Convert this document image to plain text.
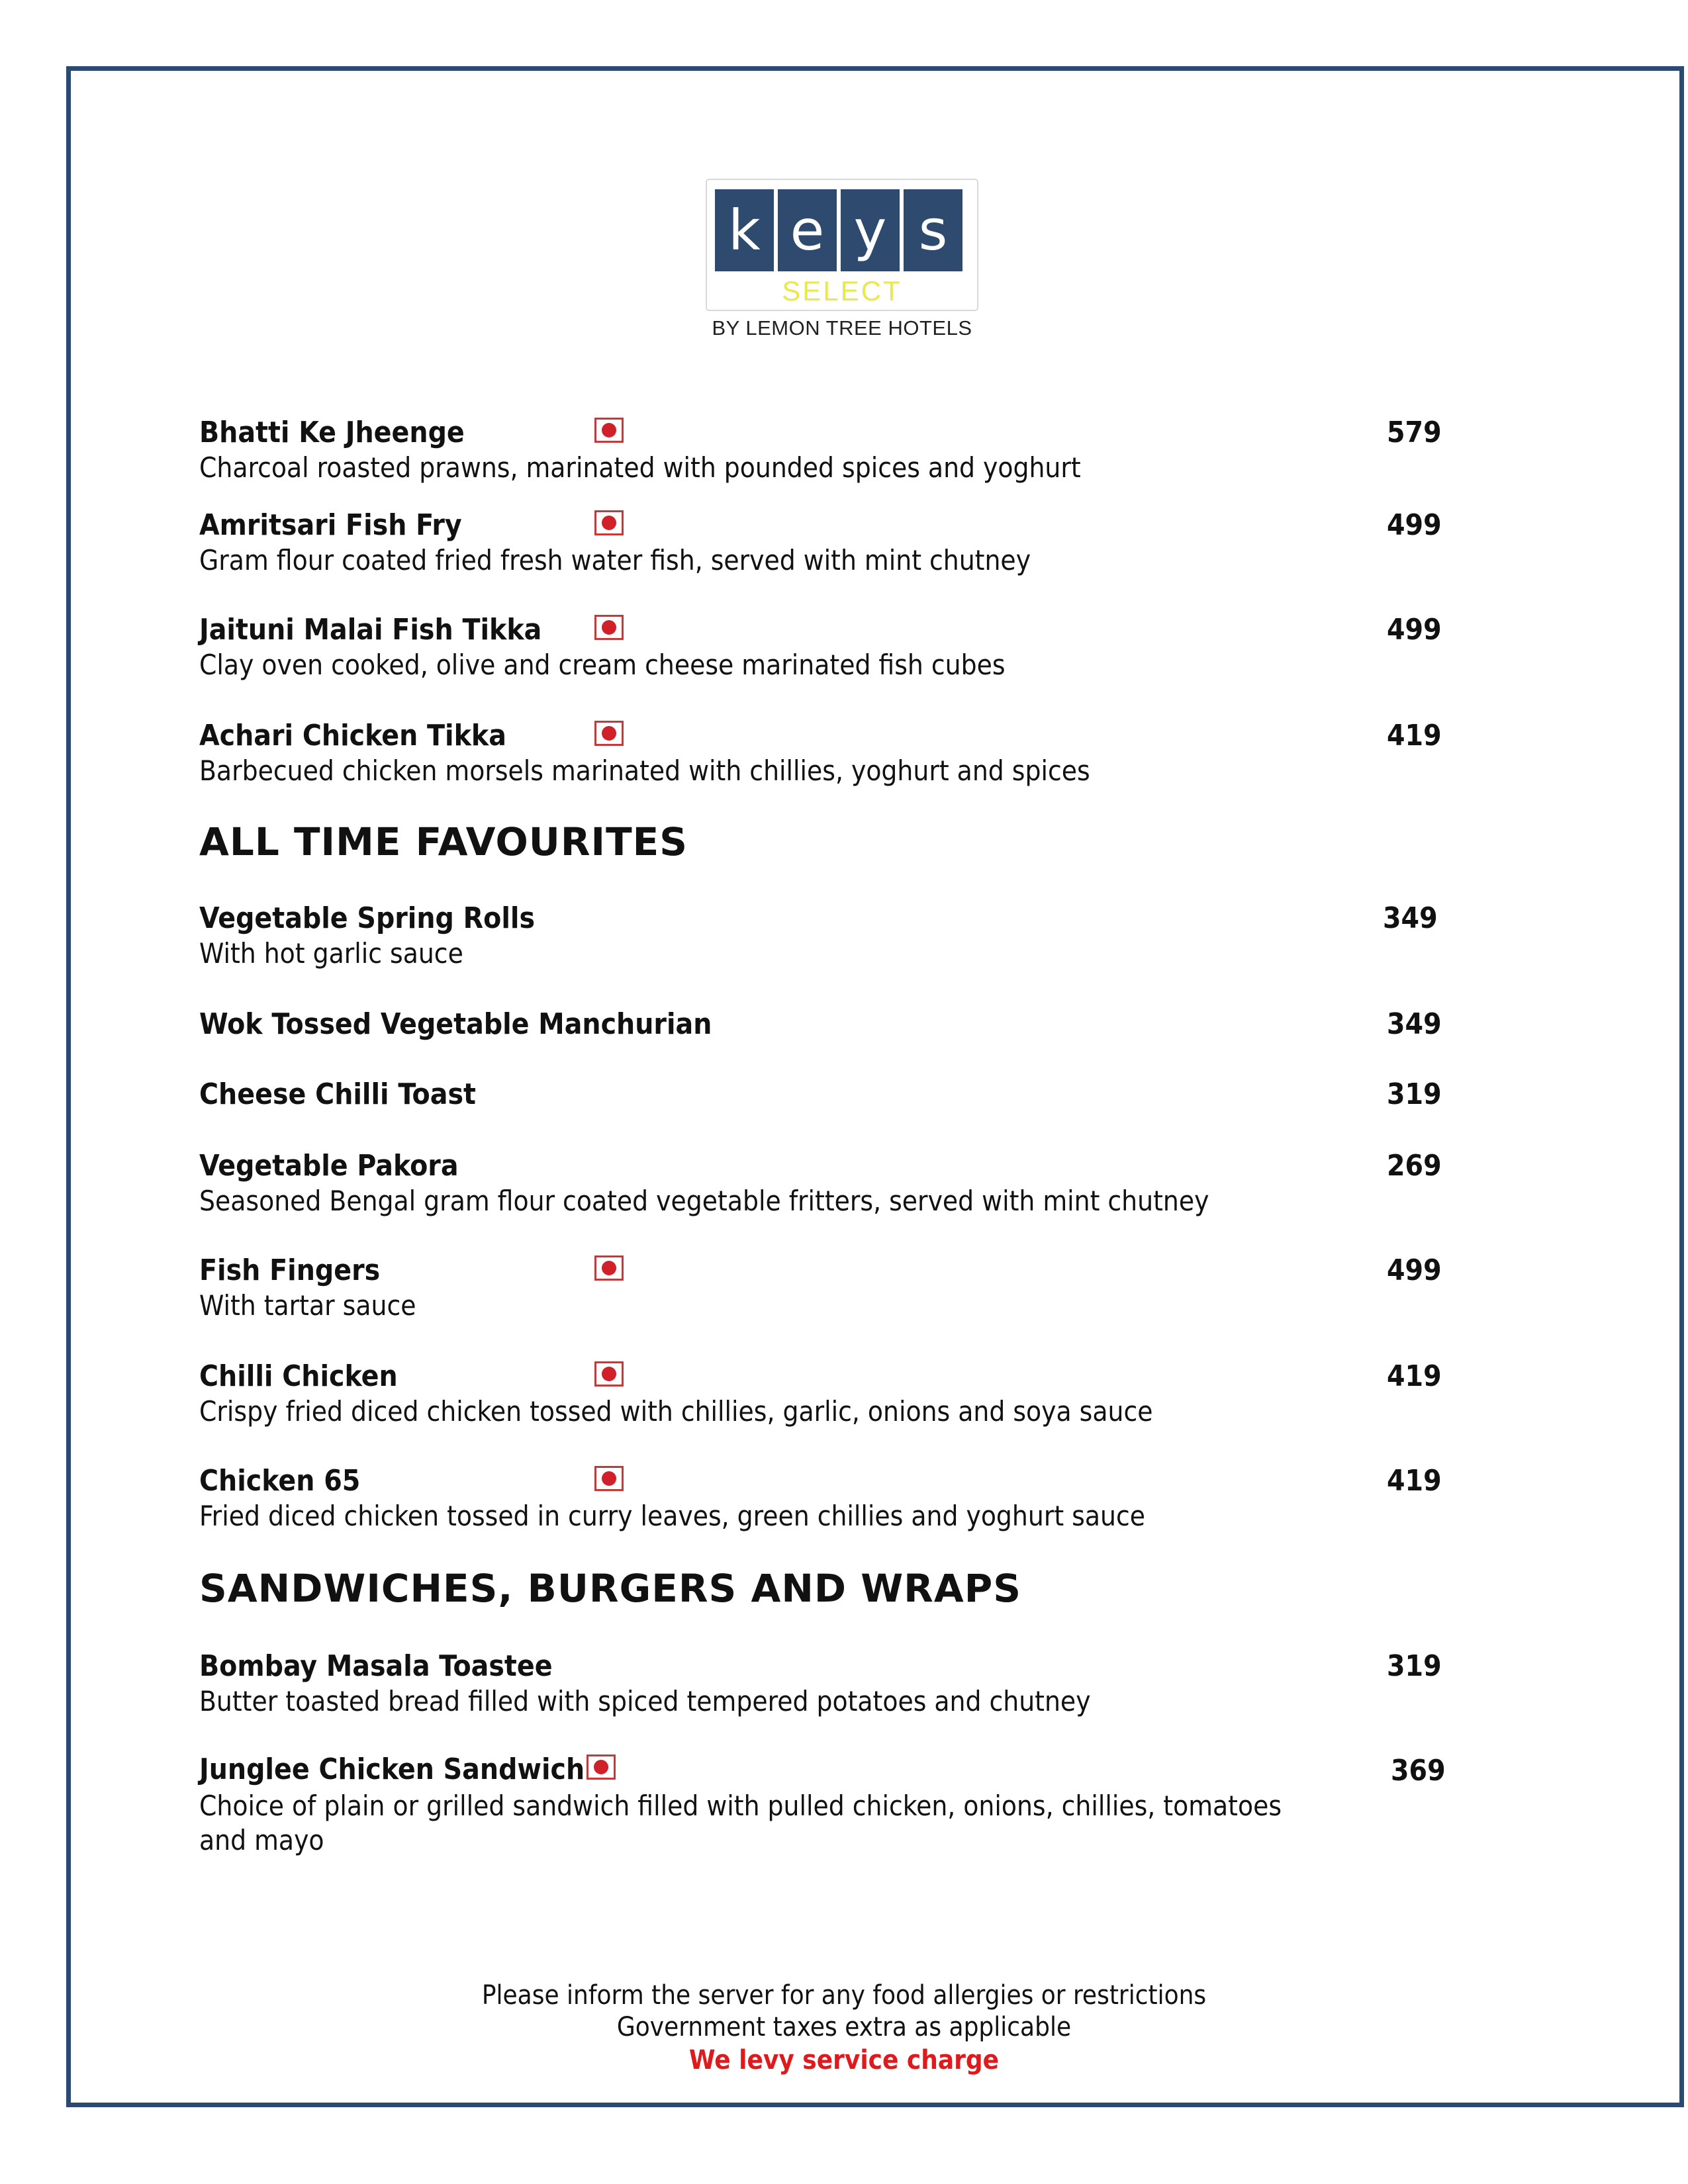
k e y s
SELECT
BY LEMON TREE HOTELS
Bhatti Ke Jheenge	579
Charcoal roasted prawns, marinated with pounded spices and yoghurt
Amritsari Fish Fry	499
Gram flour coated fried fresh water fish, served with mint chutney
Jaituni Malai Fish Tikka	499
Clay oven cooked, olive and cream cheese marinated fish cubes
Achari Chicken Tikka	419
Barbecued chicken morsels marinated with chillies, yoghurt and spices
ALL TIME FAVOURITES
Vegetable Spring Rolls	349
With hot garlic sauce
Wok Tossed Vegetable Manchurian	349
Cheese Chilli Toast	319
Vegetable Pakora	269
Seasoned Bengal gram flour coated vegetable fritters, served with mint chutney
Fish Fingers	499
With tartar sauce
Chilli Chicken	419
Crispy fried diced chicken tossed with chillies, garlic, onions and soya sauce
Chicken 65	419
Fried diced chicken tossed in curry leaves, green chillies and yoghurt sauce
SANDWICHES, BURGERS AND WRAPS
Bombay Masala Toastee	319
Butter toasted bread filled with spiced tempered potatoes and chutney
Junglee Chicken Sandwich	369
Choice of plain or grilled sandwich filled with pulled chicken, onions, chillies, tomatoes
and mayo
Please inform the server for any food allergies or restrictions
Government taxes extra as applicable
We levy service charge
